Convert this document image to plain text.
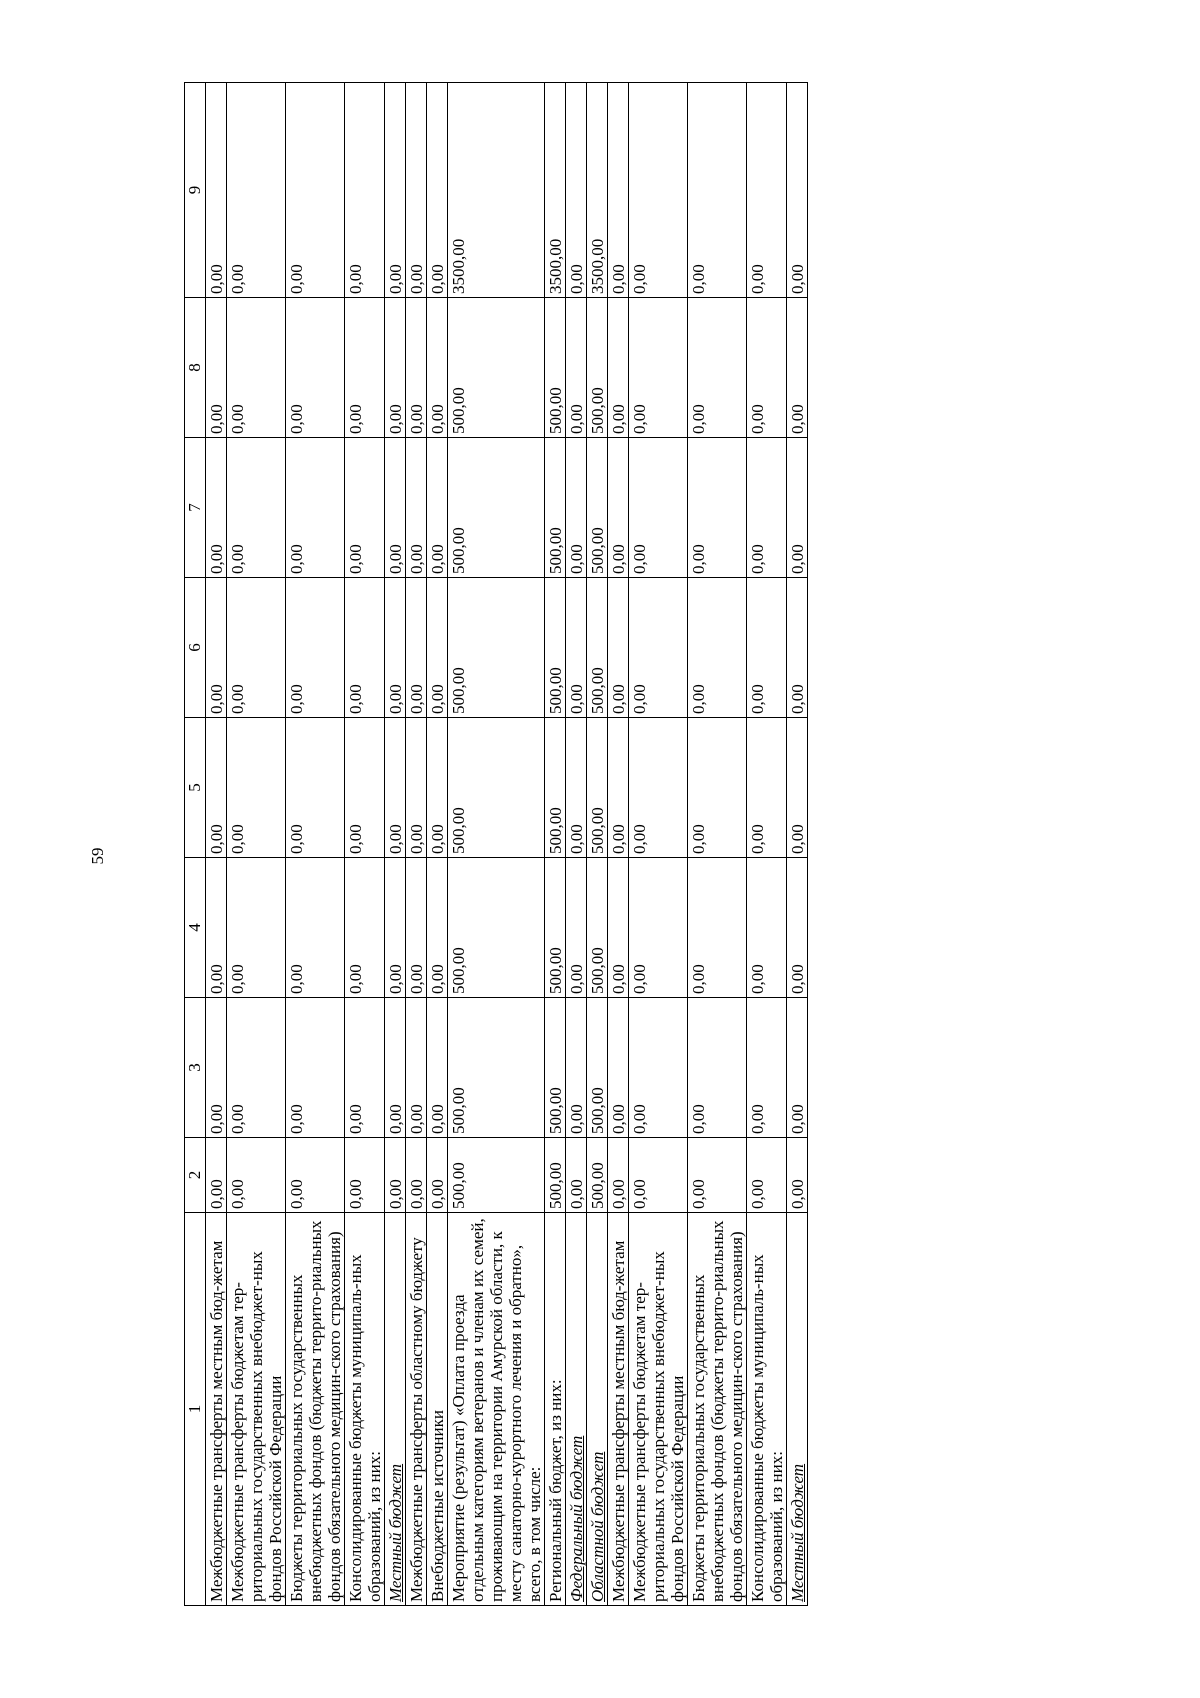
59
1	2	3	4	5	6	7	8	9
Межбюджетные трансферты местным бюд-жетам	0,00	0,00	0,00	0,00	0,00	0,00	0,00	0,00
Межбюджетные трансферты бюджетам тер-риториальных государственных внебюджет-ных фондов Российской Федерации	0,00	0,00	0,00	0,00	0,00	0,00	0,00	0,00
Бюджеты территориальных государственных внебюджетных фондов (бюджеты террито-риальных фондов обязательного медицин-ского страхования)	0,00	0,00	0,00	0,00	0,00	0,00	0,00	0,00
Консолидированные бюджеты муниципаль-ных образований, из них:	0,00	0,00	0,00	0,00	0,00	0,00	0,00	0,00
Местный бюджет	0,00	0,00	0,00	0,00	0,00	0,00	0,00	0,00
Межбюджетные трансферты областному бюджету	0,00	0,00	0,00	0,00	0,00	0,00	0,00	0,00
Внебюджетные источники	0,00	0,00	0,00	0,00	0,00	0,00	0,00	0,00
Мероприятие (результат) «Оплата проезда отдельным категориям ветеранов и членам их семей, проживающим на территории Амурской области, к месту санаторно-курортного лечения и обратно», всего, в том числе:	500,00	500,00	500,00	500,00	500,00	500,00	500,00	3500,00
Региональный бюджет, из них:	500,00	500,00	500,00	500,00	500,00	500,00	500,00	3500,00
Федеральный бюджет	0,00	0,00	0,00	0,00	0,00	0,00	0,00	0,00
Областной бюджет	500,00	500,00	500,00	500,00	500,00	500,00	500,00	3500,00
Межбюджетные трансферты местным бюд-жетам	0,00	0,00	0,00	0,00	0,00	0,00	0,00	0,00
Межбюджетные трансферты бюджетам тер-риториальных государственных внебюджет-ных фондов Российской Федерации	0,00	0,00	0,00	0,00	0,00	0,00	0,00	0,00
Бюджеты территориальных государственных внебюджетных фондов (бюджеты террито-риальных фондов обязательного медицин-ского страхования)	0,00	0,00	0,00	0,00	0,00	0,00	0,00	0,00
Консолидированные бюджеты муниципаль-ных образований, из них:	0,00	0,00	0,00	0,00	0,00	0,00	0,00	0,00
Местный бюджет	0,00	0,00	0,00	0,00	0,00	0,00	0,00	0,00
